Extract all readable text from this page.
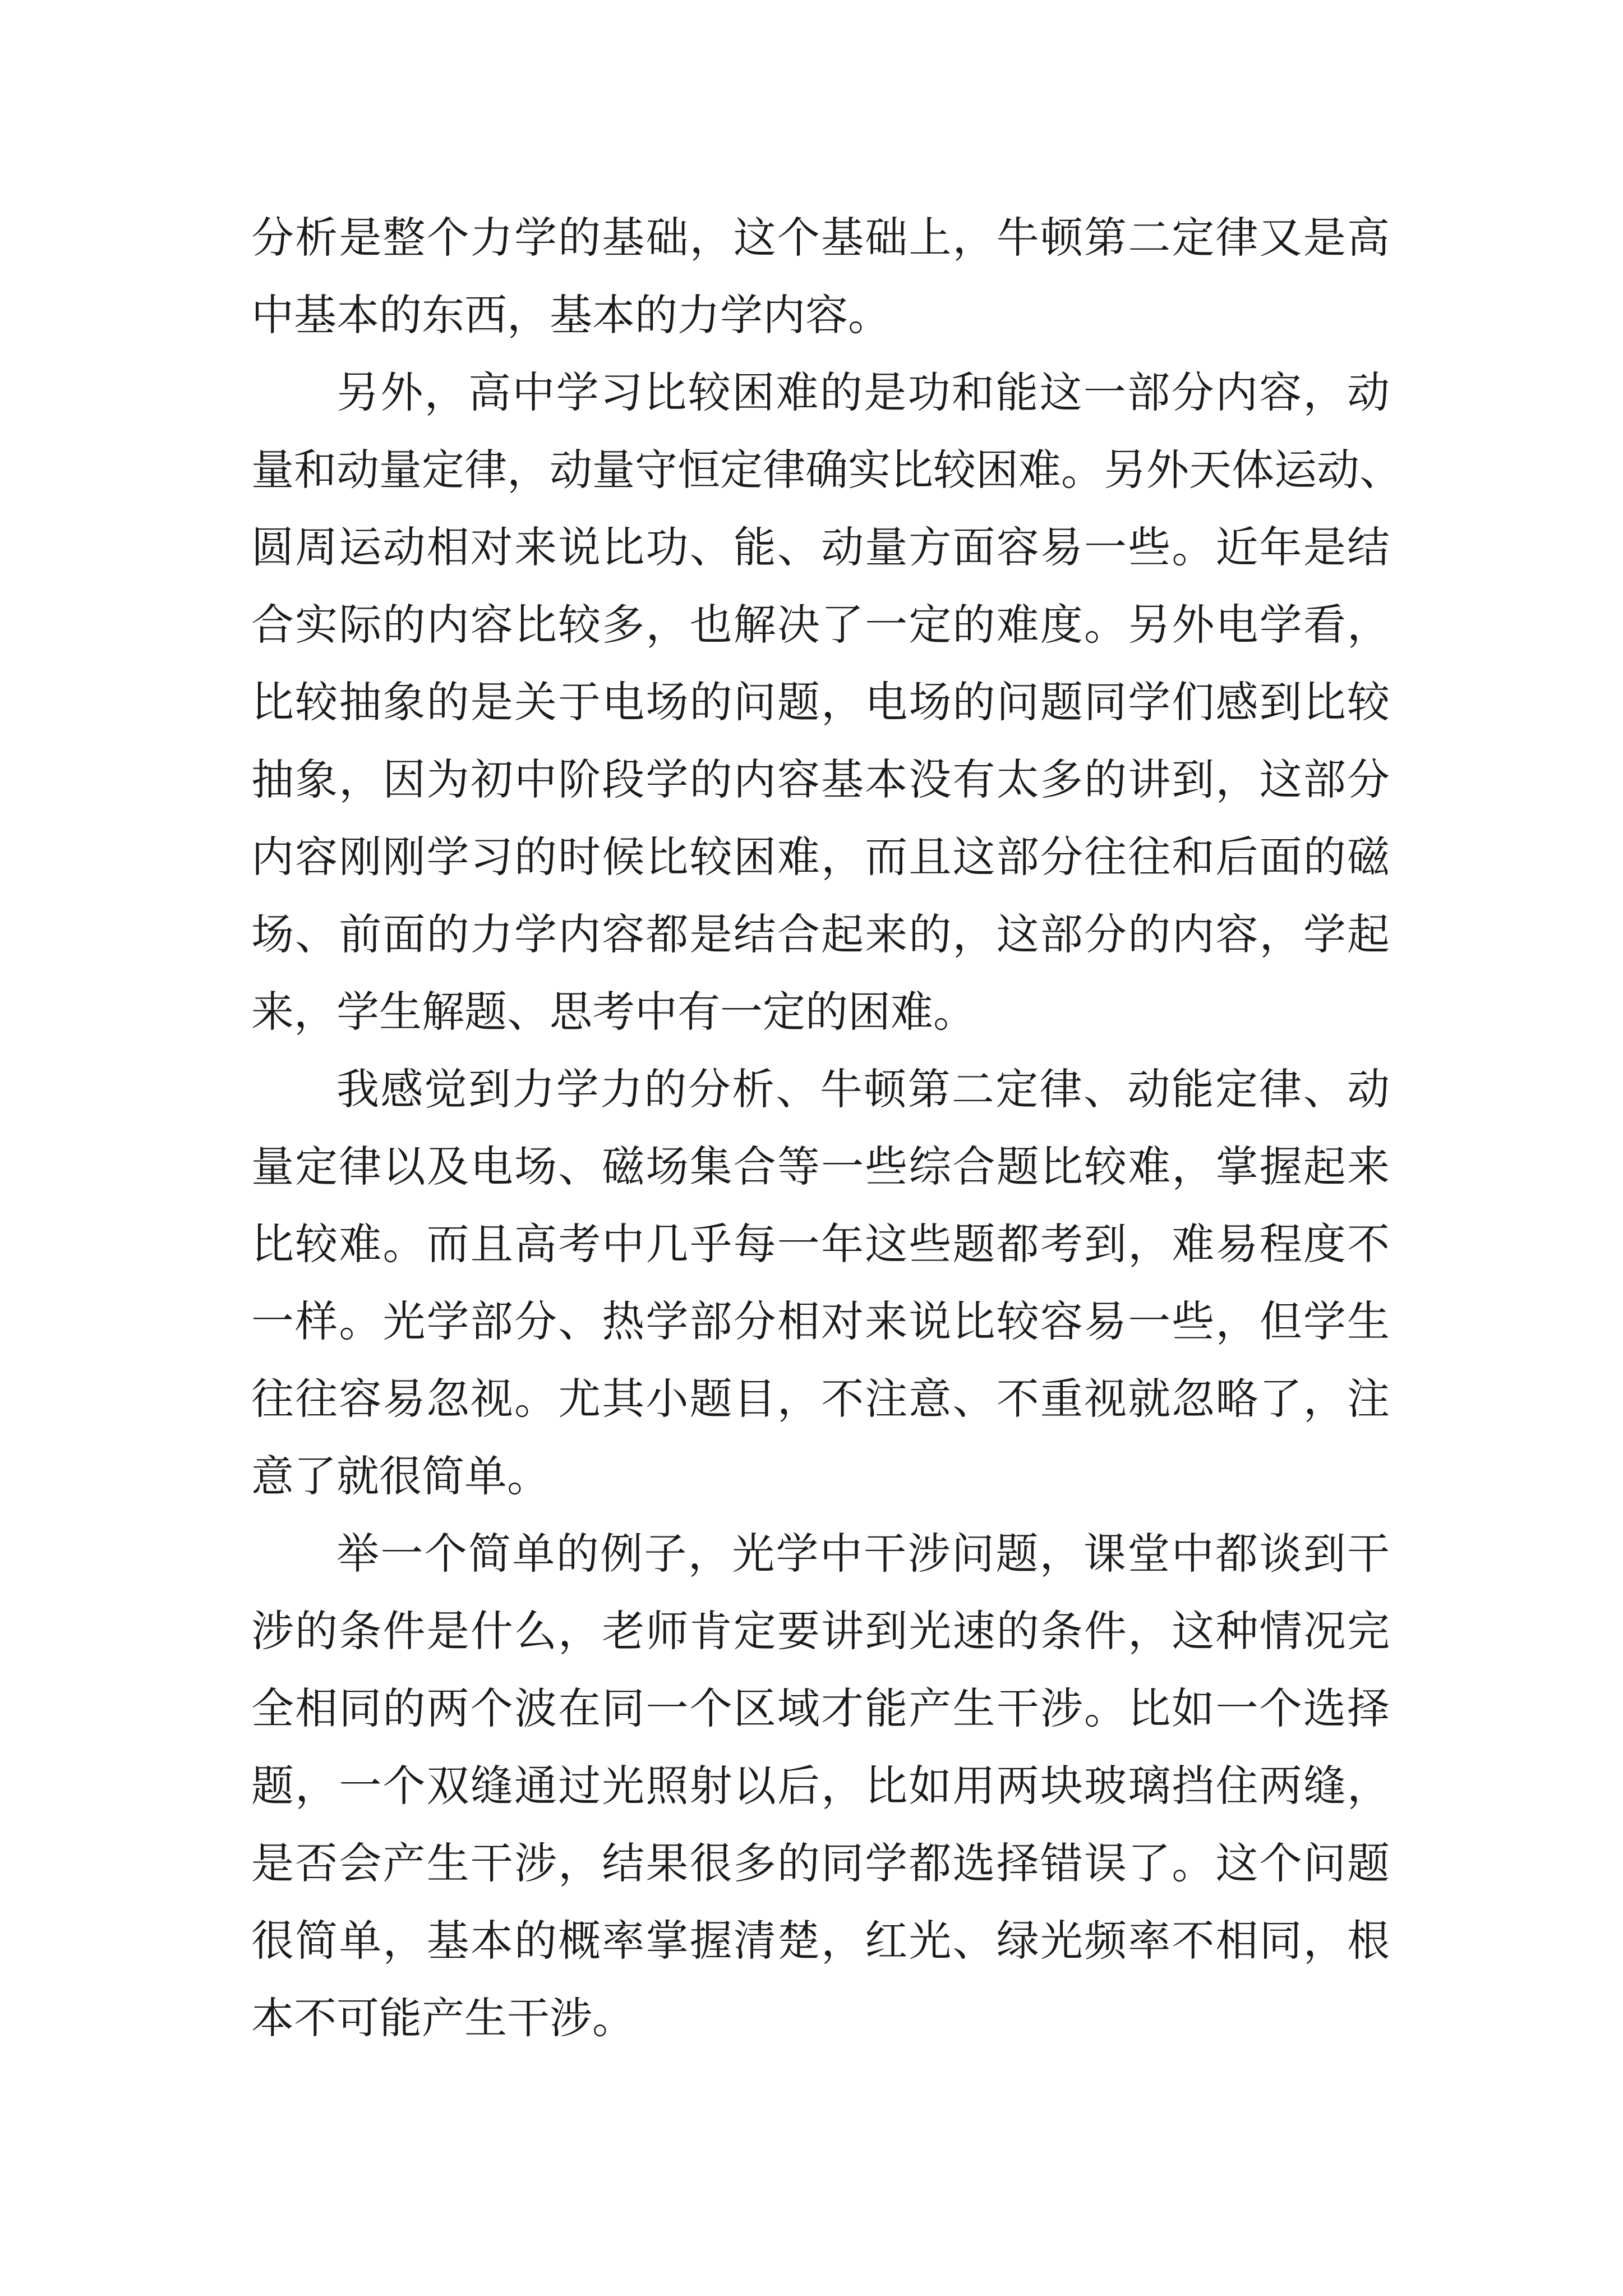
分析是整个力学的基础，这个基础上，牛顿第二定律又是高
中基本的东西，基本的力学内容。
另外，高中学习比较困难的是功和能这一部分内容，动
量和动量定律，动量守恒定律确实比较困难。另外天体运动、
圆周运动相对来说比功、能、动量方面容易一些。近年是结
合实际的内容比较多，也解决了一定的难度。另外电学看，
比较抽象的是关于电场的问题，电场的问题同学们感到比较
抽象，因为初中阶段学的内容基本没有太多的讲到，这部分
内容刚刚学习的时候比较困难，而且这部分往往和后面的磁
场、前面的力学内容都是结合起来的，这部分的内容，学起
来，学生解题、思考中有一定的困难。
我感觉到力学力的分析、牛顿第二定律、动能定律、动
量定律以及电场、磁场集合等一些综合题比较难，掌握起来
比较难。而且高考中几乎每一年这些题都考到，难易程度不
一样。光学部分、热学部分相对来说比较容易一些，但学生
往往容易忽视。尤其小题目，不注意、不重视就忽略了，注
意了就很简单。
举一个简单的例子，光学中干涉问题，课堂中都谈到干
涉的条件是什么，老师肯定要讲到光速的条件，这种情况完
全相同的两个波在同一个区域才能产生干涉。比如一个选择
题，一个双缝通过光照射以后，比如用两块玻璃挡住两缝，
是否会产生干涉，结果很多的同学都选择错误了。这个问题
很简单，基本的概率掌握清楚，红光、绿光频率不相同，根
本不可能产生干涉。
